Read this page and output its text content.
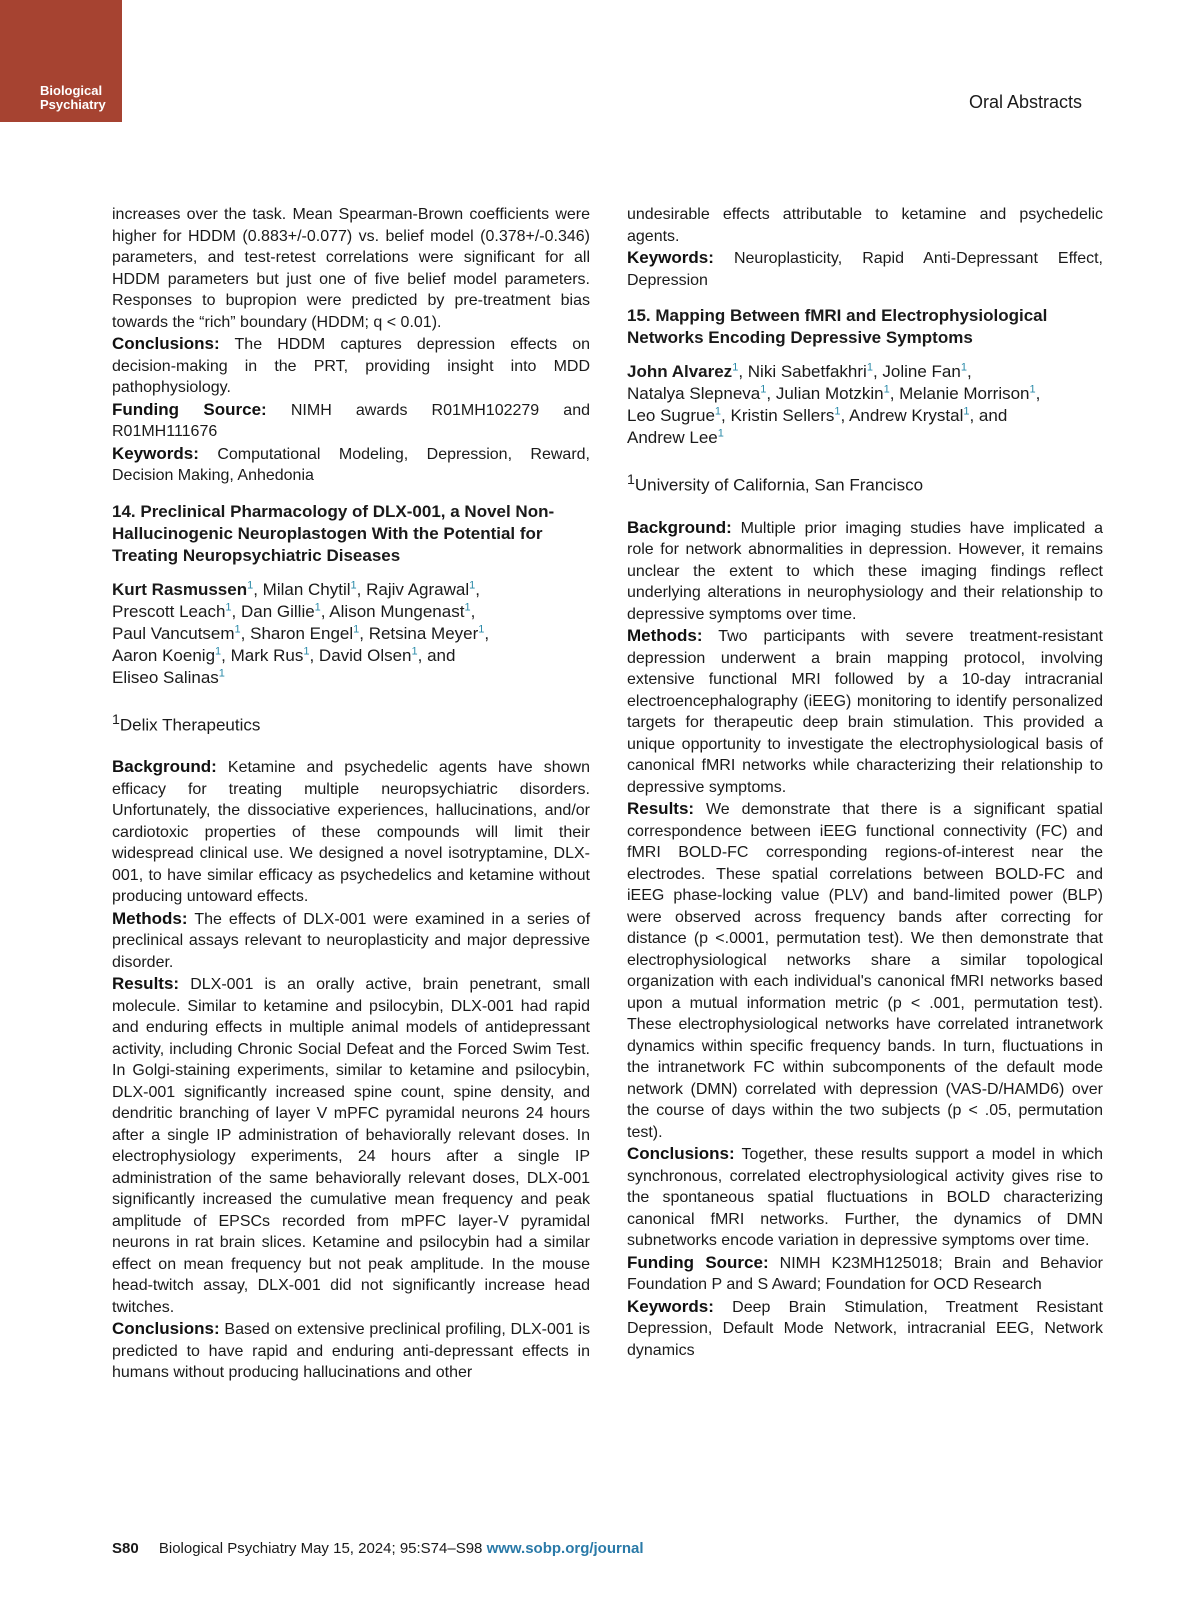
Biological
Psychiatry	Oral Abstracts

increases over the task. Mean Spearman-Brown coefficients were higher for HDDM (0.883+/-0.077) vs. belief model (0.378+/-0.346) parameters, and test-retest correlations were significant for all HDDM parameters but just one of five belief model parameters. Responses to bupropion were predicted by pre-treatment bias towards the “rich” boundary (HDDM; q < 0.01).

Conclusions: The HDDM captures depression effects on decision-making in the PRT, providing insight into MDD pathophysiology.

Funding Source: NIMH awards R01MH102279 and R01MH111676

Keywords: Computational Modeling, Depression, Reward, Decision Making, Anhedonia

14. Preclinical Pharmacology of DLX-001, a Novel Non-Hallucinogenic Neuroplastogen With the Potential for Treating Neuropsychiatric Diseases

Kurt Rasmussen$^1$, Milan Chytil$^1$, Rajiv Agrawal$^1$,
Prescott Leach$^1$, Dan Gillie$^1$, Alison Mungenast$^1$,
Paul Vancutsem$^1$, Sharon Engel$^1$, Retsina Meyer$^1$,
Aaron Koenig$^1$, Mark Rus$^1$, David Olsen$^1$, and
Eliseo Salinas$^1$

$^1$Delix Therapeutics

Background: Ketamine and psychedelic agents have shown efficacy for treating multiple neuropsychiatric disorders. Unfortunately, the dissociative experiences, hallucinations, and/or cardiotoxic properties of these compounds will limit their widespread clinical use. We designed a novel isotryptamine, DLX-001, to have similar efficacy as psychedelics and ketamine without producing untoward effects.

Methods: The effects of DLX-001 were examined in a series of preclinical assays relevant to neuroplasticity and major depressive disorder.

Results: DLX-001 is an orally active, brain penetrant, small molecule. Similar to ketamine and psilocybin, DLX-001 had rapid and enduring effects in multiple animal models of antidepressant activity, including Chronic Social Defeat and the Forced Swim Test. In Golgi-staining experiments, similar to ketamine and psilocybin, DLX-001 significantly increased spine count, spine density, and dendritic branching of layer V mPFC pyramidal neurons 24 hours after a single IP administration of behaviorally relevant doses. In electrophysiology experiments, 24 hours after a single IP administration of the same behaviorally relevant doses, DLX-001 significantly increased the cumulative mean frequency and peak amplitude of EPSCs recorded from mPFC layer-V pyramidal neurons in rat brain slices. Ketamine and psilocybin had a similar effect on mean frequency but not peak amplitude. In the mouse head-twitch assay, DLX-001 did not significantly increase head twitches.

Conclusions: Based on extensive preclinical profiling, DLX-001 is predicted to have rapid and enduring anti-depressant effects in humans without producing hallucinations and other

undesirable effects attributable to ketamine and psychedelic agents.

Keywords: Neuroplasticity, Rapid Anti-Depressant Effect, Depression

15. Mapping Between fMRI and Electrophysiological Networks Encoding Depressive Symptoms

John Alvarez$^1$, Niki Sabetfakhri$^1$, Joline Fan$^1$,
Natalya Slepneva$^1$, Julian Motzkin$^1$, Melanie Morrison$^1$,
Leo Sugrue$^1$, Kristin Sellers$^1$, Andrew Krystal$^1$, and
Andrew Lee$^1$

$^1$University of California, San Francisco

Background: Multiple prior imaging studies have implicated a role for network abnormalities in depression. However, it remains unclear the extent to which these imaging findings reflect underlying alterations in neurophysiology and their relationship to depressive symptoms over time.

Methods: Two participants with severe treatment-resistant depression underwent a brain mapping protocol, involving extensive functional MRI followed by a 10-day intracranial electroencephalography (iEEG) monitoring to identify personalized targets for therapeutic deep brain stimulation. This provided a unique opportunity to investigate the electrophysiological basis of canonical fMRI networks while characterizing their relationship to depressive symptoms.

Results: We demonstrate that there is a significant spatial correspondence between iEEG functional connectivity (FC) and fMRI BOLD-FC corresponding regions-of-interest near the electrodes. These spatial correlations between BOLD-FC and iEEG phase-locking value (PLV) and band-limited power (BLP) were observed across frequency bands after correcting for distance (p <.0001, permutation test). We then demonstrate that electrophysiological networks share a similar topological organization with each individual's canonical fMRI networks based upon a mutual information metric (p < .001, permutation test). These electrophysiological networks have correlated intranetwork dynamics within specific frequency bands. In turn, fluctuations in the intranetwork FC within subcomponents of the default mode network (DMN) correlated with depression (VAS-D/HAMD6) over the course of days within the two subjects (p < .05, permutation test).

Conclusions: Together, these results support a model in which synchronous, correlated electrophysiological activity gives rise to the spontaneous spatial fluctuations in BOLD characterizing canonical fMRI networks. Further, the dynamics of DMN subnetworks encode variation in depressive symptoms over time.

Funding Source: NIMH K23MH125018; Brain and Behavior Foundation P and S Award; Foundation for OCD Research

Keywords: Deep Brain Stimulation, Treatment Resistant Depression, Default Mode Network, intracranial EEG, Network dynamics

S80 Biological Psychiatry May 15, 2024; 95:S74–S98 www.sobp.org/journal
